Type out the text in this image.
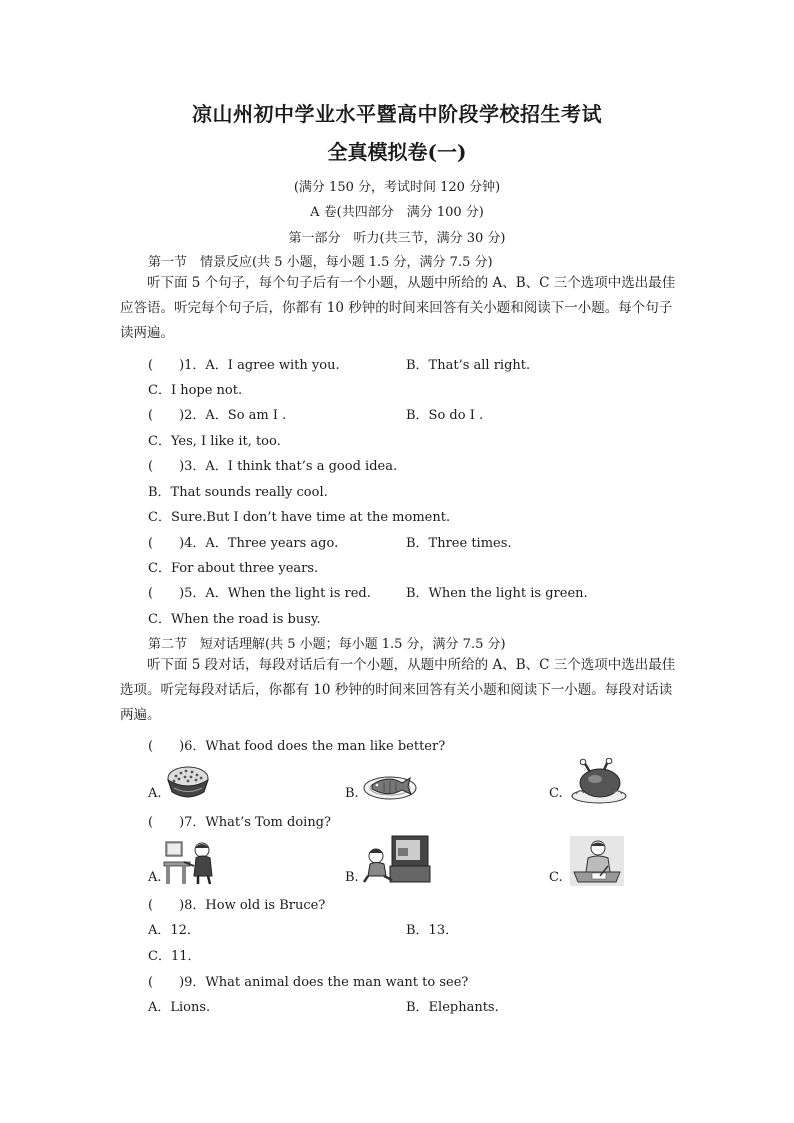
凉山州初中学业水平暨高中阶段学校招生考试
全真模拟卷(一)
(满分 150 分，考试时间 120 分钟)
A 卷(共四部分　满分 100 分)
第一部分　听力(共三节，满分 30 分)
第一节　情景反应(共 5 小题，每小题 1.5 分，满分 7.5 分)
听下面 5 个句子，每个句子后有一个小题，从题中所给的 A、B、C 三个选项中选出最佳应答语。听完每个句子后，你都有 10 秒钟的时间来回答有关小题和阅读下一小题。每个句子读两遍。
(　　)1．A．I agree with you.	B．That’s all right.
C．I hope not.
(　　)2．A．So am I .	B．So do I .
C．Yes, I like it, too.
(　　)3．A．I think that’s a good idea.
B．That sounds really cool.
C．Sure.But I don’t have time at the moment.
(　　)4．A．Three years ago.	B．Three times.
C．For about three years.
(　　)5．A．When the light is red.	B．When the light is green.
C．When the road is busy.
第二节　短对话理解(共 5 小题；每小题 1.5 分，满分 7.5 分)
听下面 5 段对话，每段对话后有一个小题，从题中所给的 A、B、C 三个选项中选出最佳选项。听完每段对话后，你都有 10 秒钟的时间来回答有关小题和阅读下一小题。每段对话读两遍。
(　　)6．What food does the man like better?
A.	B.	C.
(　　)7．What’s Tom doing?
A.	B.	C.
(　　)8．How old is Bruce?
A．12．	B．13．
C．11．
(　　)9．What animal does the man want to see?
A．Lions.	B．Elephants.
